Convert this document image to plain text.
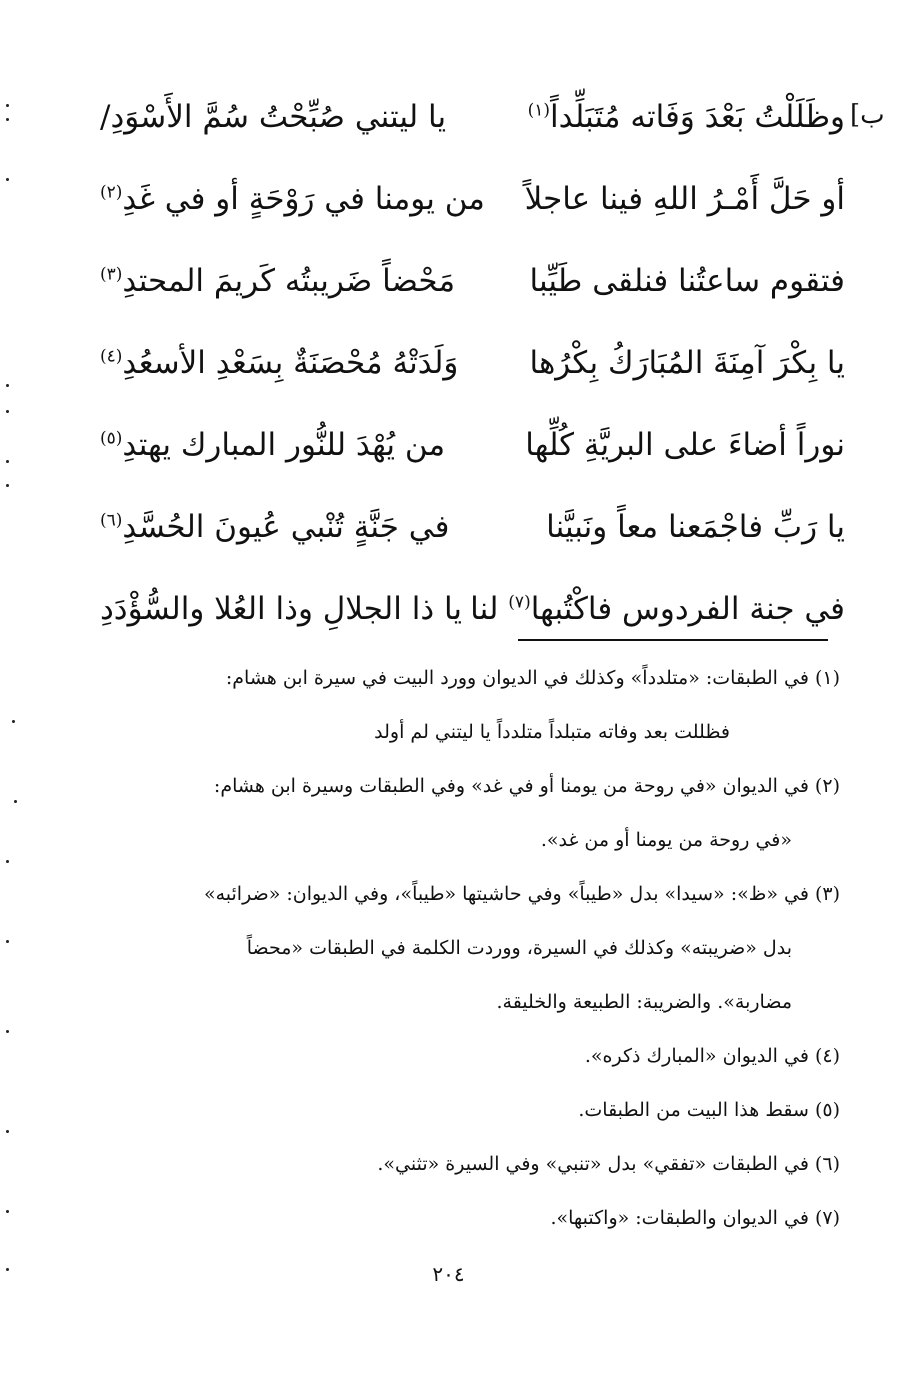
[ب
وظَلَلْتُ بَعْدَ وَفَاته مُتَبَلِّداً$^{(١)}$
يا ليتني صُبِّحْتُ سُمَّ الأَسْوَدِ/
أو حَلَّ أَمْـرُ اللهِ فينا عاجلاً
من يومنا في رَوْحَةٍ أو في غَدِ$^{(٢)}$
فتقوم ساعتُنا فنلقى طَيِّبا
مَحْضاً ضَريبتُه كَريمَ المحتدِ$^{(٣)}$
يا بِكْرَ آمِنَةَ المُبَارَكُ بِكْرُها
وَلَدَتْهُ مُحْصَنَةٌ بِسَعْدِ الأسعُدِ$^{(٤)}$
نوراً أضاءَ على البريَّةِ كُلِّها
من يُهْدَ للنُّور المبارك يهتدِ$^{(٥)}$
يا رَبِّ فاجْمَعنا معاً ونَبيَّنا
في جَنَّةٍ تُنْبي عُيونَ الحُسَّدِ$^{(٦)}$
في جنة الفردوس فاكْتُبها$^{(٧)}$ لنا
يا ذا الجلالِ وذا العُلا والسُّؤْدَدِ
(١) في الطبقات: «متلدداً» وكذلك في الديوان وورد البيت في سيرة ابن هشام:
فظللت بعد وفاته متبلداً متلدداً يا ليتني لم أولد
(٢) في الديوان «في روحة من يومنا أو في غد» وفي الطبقات وسيرة ابن هشام:
«في روحة من يومنا أو من غد».
(٣) في «ظ»: «سيدا» بدل «طيباً» وفي حاشيتها «طيباً»، وفي الديوان: «ضرائبه»
بدل «ضريبته» وكذلك في السيرة، ووردت الكلمة في الطبقات «محضاً
مضاربة». والضريبة: الطبيعة والخليقة.
(٤) في الديوان «المبارك ذكره».
(٥) سقط هذا البيت من الطبقات.
(٦) في الطبقات «تفقي» بدل «تنبي» وفي السيرة «تثني».
(٧) في الديوان والطبقات: «واكتبها».
٢٠٤
